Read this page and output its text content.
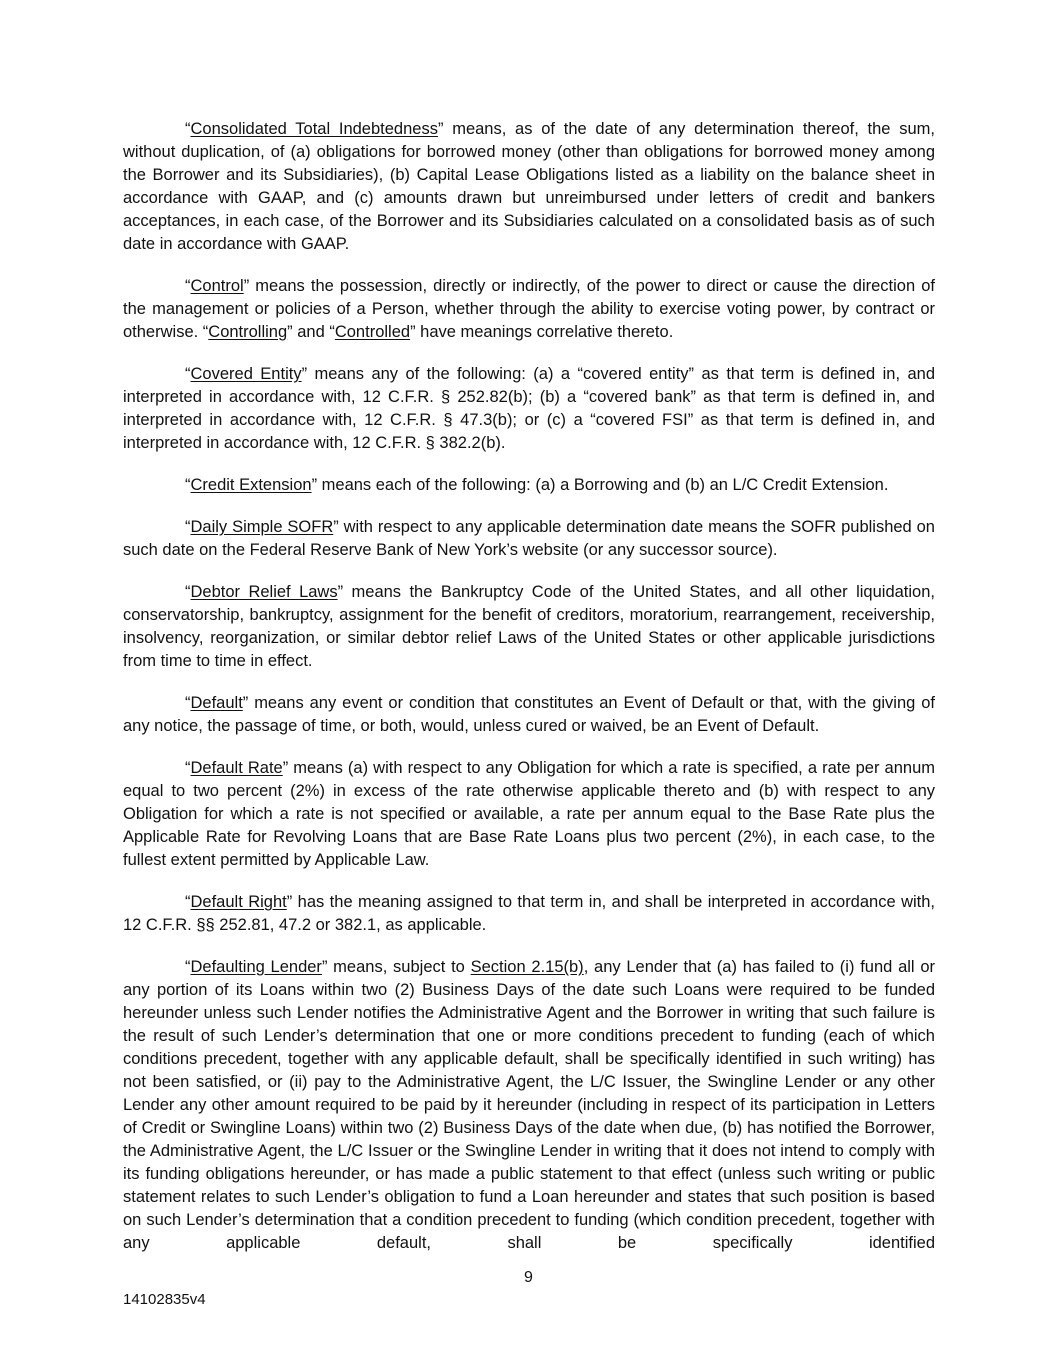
“Consolidated Total Indebtedness” means, as of the date of any determination thereof, the sum, without duplication, of (a) obligations for borrowed money (other than obligations for borrowed money among the Borrower and its Subsidiaries), (b) Capital Lease Obligations listed as a liability on the balance sheet in accordance with GAAP, and (c) amounts drawn but unreimbursed under letters of credit and bankers acceptances, in each case, of the Borrower and its Subsidiaries calculated on a consolidated basis as of such date in accordance with GAAP.

“Control” means the possession, directly or indirectly, of the power to direct or cause the direction of the management or policies of a Person, whether through the ability to exercise voting power, by contract or otherwise. “Controlling” and “Controlled” have meanings correlative thereto.

“Covered Entity” means any of the following: (a) a “covered entity” as that term is defined in, and interpreted in accordance with, 12 C.F.R. § 252.82(b); (b) a “covered bank” as that term is defined in, and interpreted in accordance with, 12 C.F.R. § 47.3(b); or (c) a “covered FSI” as that term is defined in, and interpreted in accordance with, 12 C.F.R. § 382.2(b).

“Credit Extension” means each of the following: (a) a Borrowing and (b) an L/C Credit Extension.

“Daily Simple SOFR” with respect to any applicable determination date means the SOFR published on such date on the Federal Reserve Bank of New York’s website (or any successor source).

“Debtor Relief Laws” means the Bankruptcy Code of the United States, and all other liquidation, conservatorship, bankruptcy, assignment for the benefit of creditors, moratorium, rearrangement, receivership, insolvency, reorganization, or similar debtor relief Laws of the United States or other applicable jurisdictions from time to time in effect.

“Default” means any event or condition that constitutes an Event of Default or that, with the giving of any notice, the passage of time, or both, would, unless cured or waived, be an Event of Default.

“Default Rate” means (a) with respect to any Obligation for which a rate is specified, a rate per annum equal to two percent (2%) in excess of the rate otherwise applicable thereto and (b) with respect to any Obligation for which a rate is not specified or available, a rate per annum equal to the Base Rate plus the Applicable Rate for Revolving Loans that are Base Rate Loans plus two percent (2%), in each case, to the fullest extent permitted by Applicable Law.

“Default Right” has the meaning assigned to that term in, and shall be interpreted in accordance with, 12 C.F.R. §§ 252.81, 47.2 or 382.1, as applicable.

“Defaulting Lender” means, subject to Section 2.15(b), any Lender that (a) has failed to (i) fund all or any portion of its Loans within two (2) Business Days of the date such Loans were required to be funded hereunder unless such Lender notifies the Administrative Agent and the Borrower in writing that such failure is the result of such Lender’s determination that one or more conditions precedent to funding (each of which conditions precedent, together with any applicable default, shall be specifically identified in such writing) has not been satisfied, or (ii) pay to the Administrative Agent, the L/C Issuer, the Swingline Lender or any other Lender any other amount required to be paid by it hereunder (including in respect of its participation in Letters of Credit or Swingline Loans) within two (2) Business Days of the date when due, (b) has notified the Borrower, the Administrative Agent, the L/C Issuer or the Swingline Lender in writing that it does not intend to comply with its funding obligations hereunder, or has made a public statement to that effect (unless such writing or public statement relates to such Lender’s obligation to fund a Loan hereunder and states that such position is based on such Lender’s determination that a condition precedent to funding (which condition precedent, together with any applicable default, shall be specifically identified

9
14102835v4
